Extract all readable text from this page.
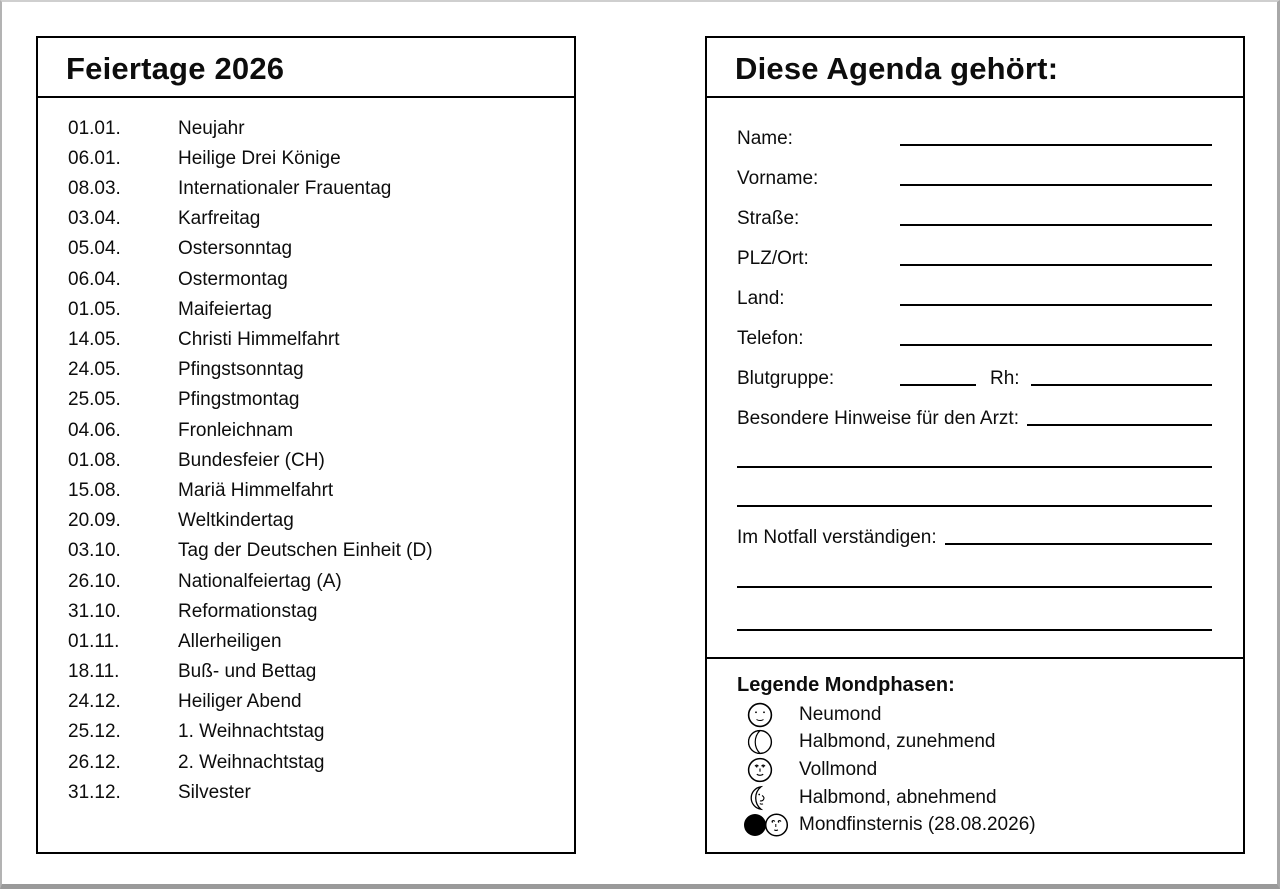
Feiertage 2026
01.01.	Neujahr
06.01.	Heilige Drei Könige
08.03.	Internationaler Frauentag
03.04.	Karfreitag
05.04.	Ostersonntag
06.04.	Ostermontag
01.05.	Maifeiertag
14.05.	Christi Himmelfahrt
24.05.	Pfingstsonntag
25.05.	Pfingstmontag
04.06.	Fronleichnam
01.08.	Bundesfeier (CH)
15.08.	Mariä Himmelfahrt
20.09.	Weltkindertag
03.10.	Tag der Deutschen Einheit (D)
26.10.	Nationalfeiertag (A)
31.10.	Reformationstag
01.11.	Allerheiligen
18.11.	Buß- und Bettag
24.12.	Heiliger Abend
25.12.	1. Weihnachtstag
26.12.	2. Weihnachtstag
31.12.	Silvester
Diese Agenda gehört:
Name:
Vorname:
Straße:
PLZ/Ort:
Land:
Telefon:
Blutgruppe:	Rh:
Besondere Hinweise für den Arzt:
Im Notfall verständigen:
Legende Mondphasen:
Neumond
Halbmond, zunehmend
Vollmond
Halbmond, abnehmend
Mondfinsternis (28.08.2026)
